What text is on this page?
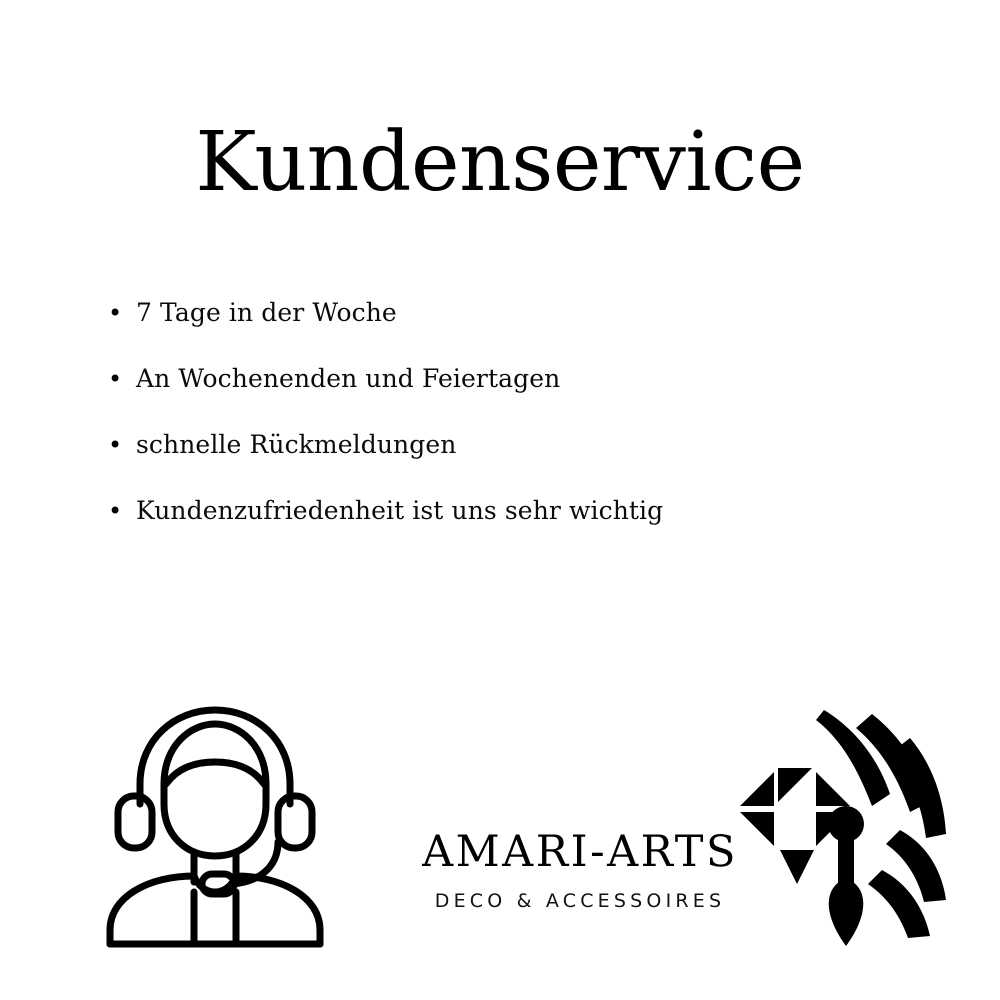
Kundenservice
• 7 Tage in der Woche
• An Wochenenden und Feiertagen
• schnelle Rückmeldungen
• Kundenzufriedenheit ist uns sehr wichtig
AMARI-ARTS
DECO & ACCESSOIRES
